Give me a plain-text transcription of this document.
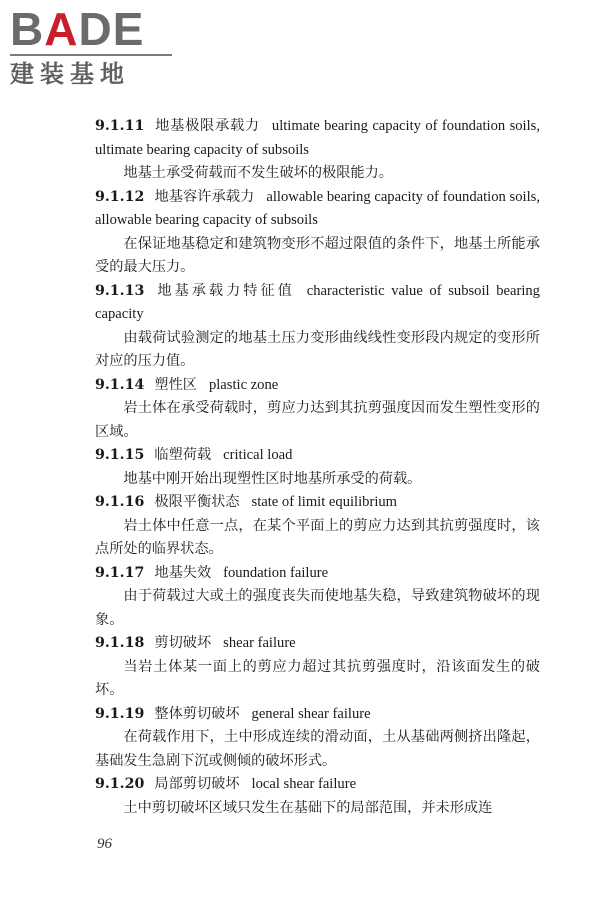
BADE
建装基地

9.1.11 地基极限承载力 ultimate bearing capacity of foundation soils, ultimate bearing capacity of subsoils

地基土承受荷载而不发生破坏的极限能力。

9.1.12 地基容许承载力 allowable bearing capacity of foundation soils, allowable bearing capacity of subsoils

在保证地基稳定和建筑物变形不超过限值的条件下，地基土所能承受的最大压力。

9.1.13 地基承载力特征值 characteristic value of subsoil bearing capacity

由载荷试验测定的地基土压力变形曲线线性变形段内规定的变形所对应的压力值。

9.1.14 塑性区 plastic zone

岩土体在承受荷载时，剪应力达到其抗剪强度因而发生塑性变形的区域。

9.1.15 临塑荷载 critical load

地基中刚开始出现塑性区时地基所承受的荷载。

9.1.16 极限平衡状态 state of limit equilibrium

岩土体中任意一点，在某个平面上的剪应力达到其抗剪强度时，该点所处的临界状态。

9.1.17 地基失效 foundation failure

由于荷载过大或土的强度丧失而使地基失稳，导致建筑物破坏的现象。

9.1.18 剪切破坏 shear failure

当岩土体某一面上的剪应力超过其抗剪强度时，沿该面发生的破坏。

9.1.19 整体剪切破坏 general shear failure

在荷载作用下，土中形成连续的滑动面，土从基础两侧挤出隆起，基础发生急剧下沉或侧倾的破坏形式。

9.1.20 局部剪切破坏 local shear failure

土中剪切破坏区域只发生在基础下的局部范围，并未形成连

96
